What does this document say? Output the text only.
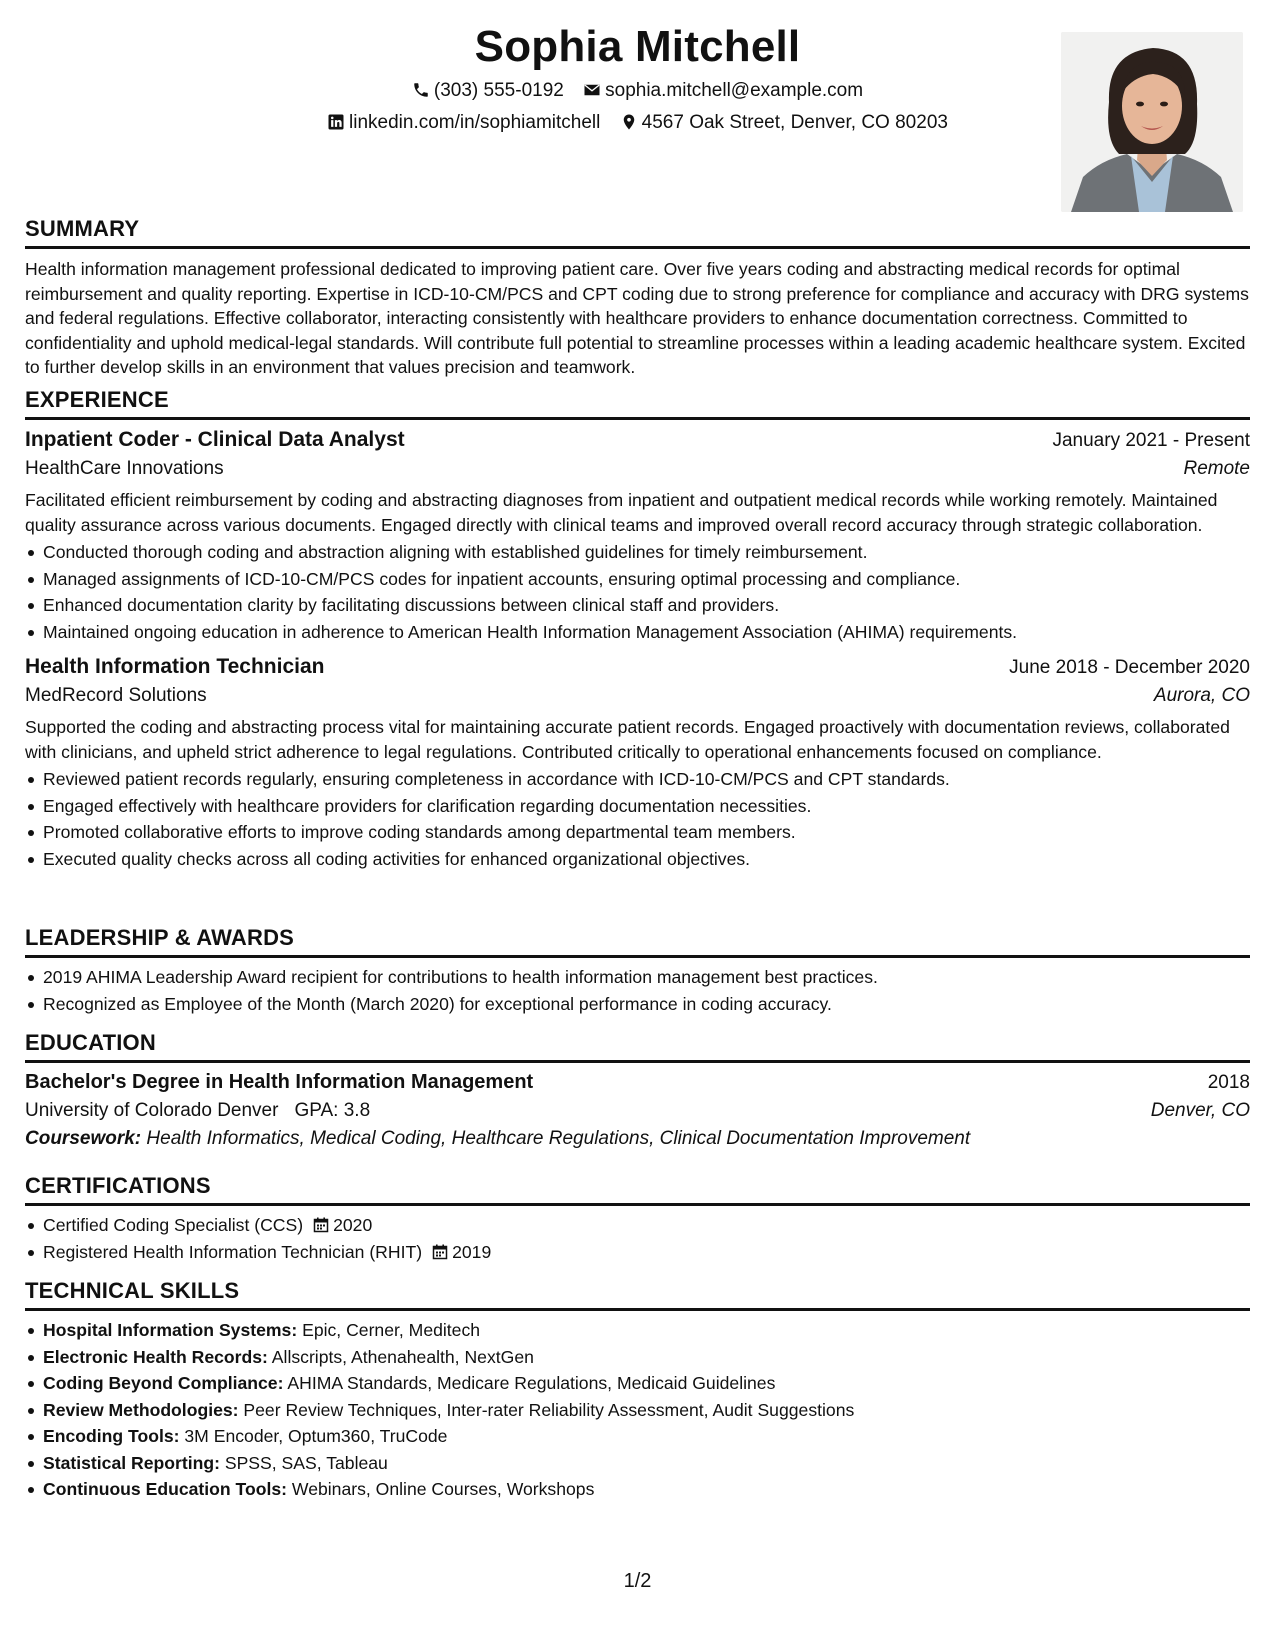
Sophia Mitchell
(303) 555-0192 sophia.mitchell@example.com
linkedin.com/in/sophiamitchell 4567 Oak Street, Denver, CO 80203
SUMMARY

Health information management professional dedicated to improving patient care. Over five years coding and abstracting medical records for optimal reimbursement and quality reporting. Expertise in ICD-10-CM/PCS and CPT coding due to strong preference for compliance and accuracy with DRG systems and federal regulations. Effective collaborator, interacting consistently with healthcare providers to enhance documentation correctness. Committed to confidentiality and uphold medical-legal standards. Will contribute full potential to streamline processes within a leading academic healthcare system. Excited to further develop skills in an environment that values precision and teamwork.

EXPERIENCE
Inpatient Coder - Clinical Data Analyst	January 2021 - Present
HealthCare Innovations	Remote

Facilitated efficient reimbursement by coding and abstracting diagnoses from inpatient and outpatient medical records while working remotely. Maintained quality assurance across various documents. Engaged directly with clinical teams and improved overall record accuracy through strategic collaboration.

Conducted thorough coding and abstraction aligning with established guidelines for timely reimbursement.
Managed assignments of ICD-10-CM/PCS codes for inpatient accounts, ensuring optimal processing and compliance.
Enhanced documentation clarity by facilitating discussions between clinical staff and providers.
Maintained ongoing education in adherence to American Health Information Management Association (AHIMA) requirements.
Health Information Technician	June 2018 - December 2020
MedRecord Solutions	Aurora, CO

Supported the coding and abstracting process vital for maintaining accurate patient records. Engaged proactively with documentation reviews, collaborated with clinicians, and upheld strict adherence to legal regulations. Contributed critically to operational enhancements focused on compliance.

Reviewed patient records regularly, ensuring completeness in accordance with ICD-10-CM/PCS and CPT standards.
Engaged effectively with healthcare providers for clarification regarding documentation necessities.
Promoted collaborative efforts to improve coding standards among departmental team members.
Executed quality checks across all coding activities for enhanced organizational objectives.
LEADERSHIP & AWARDS
2019 AHIMA Leadership Award recipient for contributions to health information management best practices.
Recognized as Employee of the Month (March 2020) for exceptional performance in coding accuracy.
EDUCATION
Bachelor's Degree in Health Information Management	2018
University of Colorado Denver GPA: 3.8	Denver, CO
Coursework: Health Informatics, Medical Coding, Healthcare Regulations, Clinical Documentation Improvement
CERTIFICATIONS
Certified Coding Specialist (CCS) 2020
Registered Health Information Technician (RHIT) 2019
TECHNICAL SKILLS
Hospital Information Systems: Epic, Cerner, Meditech
Electronic Health Records: Allscripts, Athenahealth, NextGen
Coding Beyond Compliance: AHIMA Standards, Medicare Regulations, Medicaid Guidelines
Review Methodologies: Peer Review Techniques, Inter-rater Reliability Assessment, Audit Suggestions
Encoding Tools: 3M Encoder, Optum360, TruCode
Statistical Reporting: SPSS, SAS, Tableau
Continuous Education Tools: Webinars, Online Courses, Workshops
1/2
